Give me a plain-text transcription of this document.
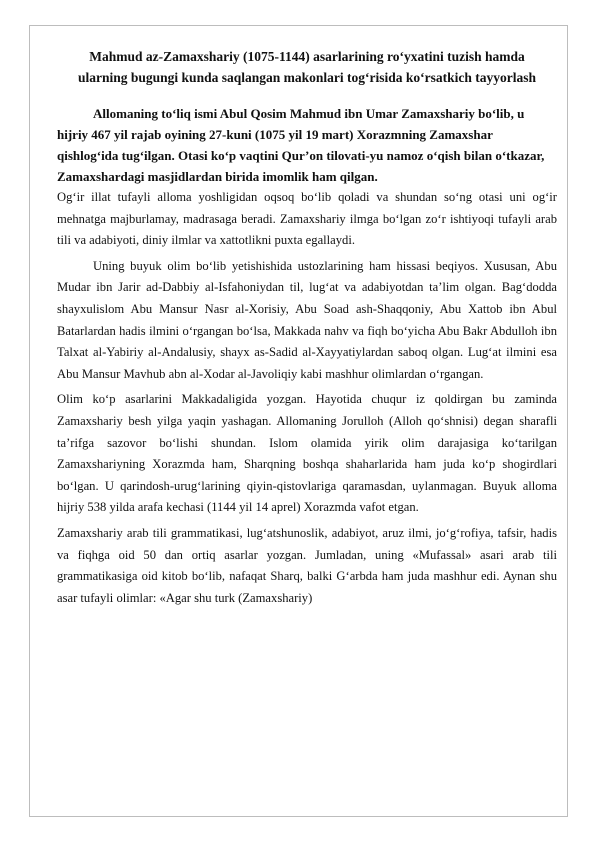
Mahmud az-Zamaxshariy (1075-1144) asarlarining ro‘yxatini tuzish hamda

ularning bugungi kunda saqlangan makonlari tog‘risida ko‘rsatkich tayyorlash

Allomaning to‘liq ismi Abul Qosim Mahmud ibn Umar Zamaxshariy bo‘lib, u hijriy 467 yil rajab oyining 27-kuni (1075 yil 19 mart) Xorazmning Zamaxshar qishlog‘ida tug‘ilgan. Otasi ko‘p vaqtini Qur’on tilovati-yu namoz o‘qish bilan o‘tkazar, Zamaxshardagi masjidlardan birida imomlik ham qilgan.

Og‘ir illat tufayli alloma yoshligidan oqsoq bo‘lib qoladi va shundan so‘ng otasi uni og‘ir mehnatga majburlamay, madrasaga beradi. Zamaxshariy ilmga bo‘lgan zo‘r ishtiyoqi tufayli arab tili va adabiyoti, diniy ilmlar va xattotlikni puxta egallaydi.

Uning buyuk olim bo‘lib yetishishida ustozlarining ham hissasi beqiyos. Xususan, Abu Mudar ibn Jarir ad-Dabbiy al-Isfahoniydan til, lug‘at va adabiyotdan ta’lim olgan. Bag‘dodda shayxulislom Abu Mansur Nasr al-Xorisiy, Abu Soad ash-Shaqqoniy, Abu Xattob ibn Abul Batarlardan hadis ilmini o‘rgangan bo‘lsa, Makkada nahv va fiqh bo‘yicha Abu Bakr Abdulloh ibn Talxat al-Yabiriy al-Andalusiy, shayx as-Sadid al-Xayyatiylardan saboq olgan. Lug‘at ilmini esa Abu Mansur Mavhub abn al-Xodar al-Javoliqiy kabi mashhur olimlardan o‘rgangan.

Olim ko‘p asarlarini Makkadaligida yozgan. Hayotida chuqur iz qoldirgan bu zaminda Zamaxshariy besh yilga yaqin yashagan. Allomaning Jorulloh (Alloh qo‘shnisi) degan sharafli ta’rifga sazovor bo‘lishi shundan. Islom olamida yirik olim darajasiga ko‘tarilgan Zamaxshariyning Xorazmda ham, Sharqning boshqa shaharlarida ham juda ko‘p shogirdlari bo‘lgan. U qarindosh-urug‘larining qiyin-qistovlariga qaramasdan, uylanmagan. Buyuk alloma hijriy 538 yilda arafa kechasi (1144 yil 14 aprel) Xorazmda vafot etgan.

Zamaxshariy arab tili grammatikasi, lug‘atshunoslik, adabiyot, aruz ilmi, jo‘g‘rofiya, tafsir, hadis va fiqhga oid 50 dan ortiq asarlar yozgan. Jumladan, uning «Mufassal» asari arab tili grammatikasiga oid kitob bo‘lib, nafaqat Sharq, balki G‘arbda ham juda mashhur edi. Aynan shu asar tufayli olimlar: «Agar shu turk (Zamaxshariy)
